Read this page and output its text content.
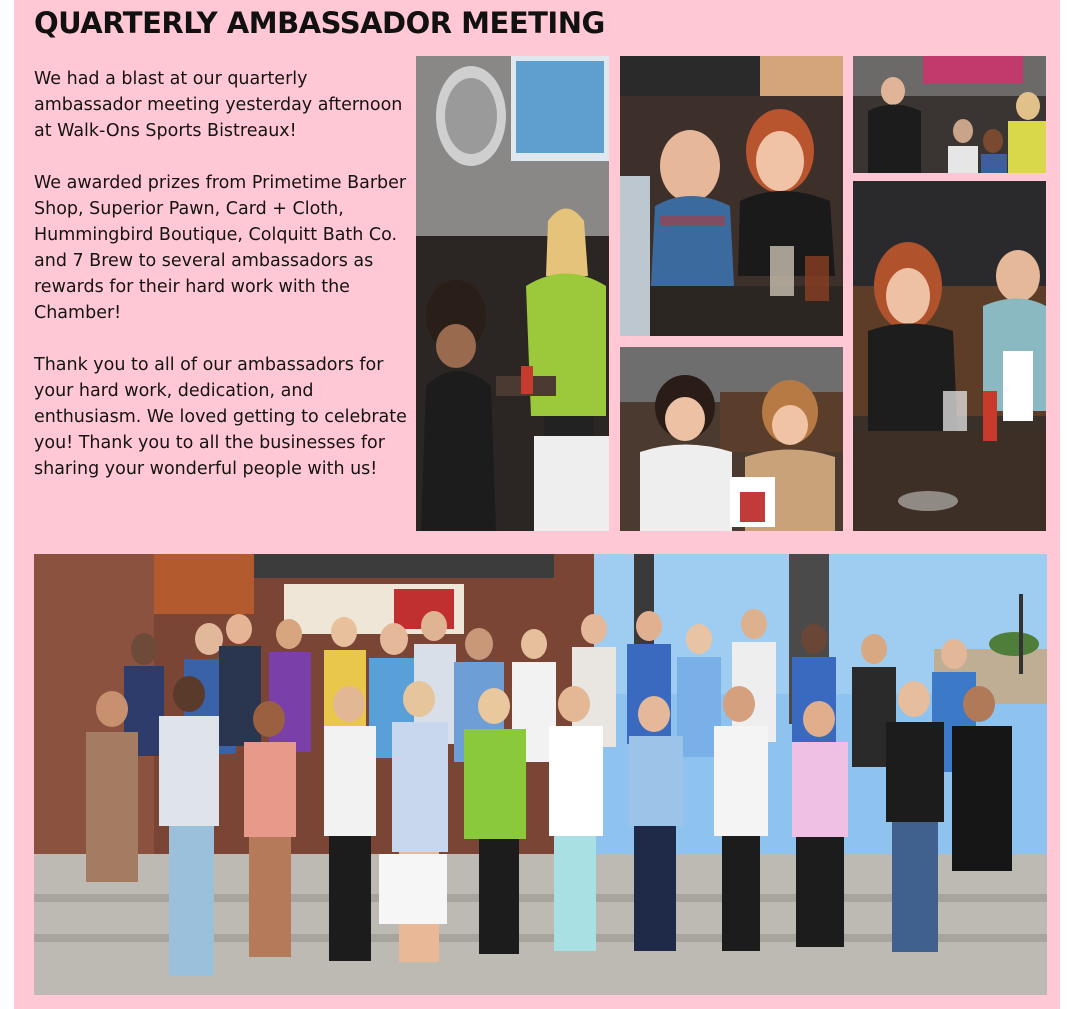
QUARTERLY AMBASSADOR MEETING

We had a blast at our quarterly ambassador meeting yesterday afternoon at Walk-Ons Sports Bistreaux!

We awarded prizes from Primetime Barber Shop, Superior Pawn, Card + Cloth, Hummingbird Boutique, Colquitt Bath Co. and 7 Brew to several ambassadors as rewards for their hard work with the Chamber!

Thank you to all of our ambassadors for your hard work, dedication, and enthusiasm. We loved getting to celebrate you! Thank you to all the businesses for sharing your wonderful people with us!
